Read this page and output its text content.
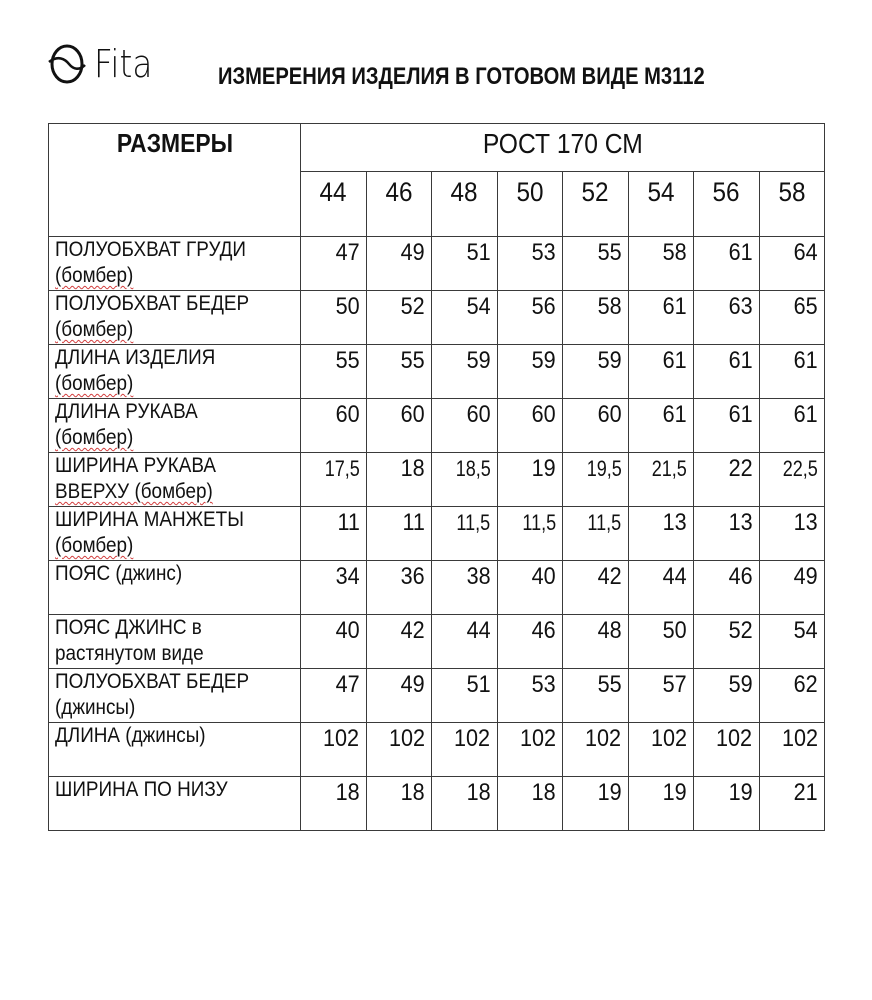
Fita	ИЗМЕРЕНИЯ ИЗДЕЛИЯ В ГОТОВОМ ВИДЕ М3112
РАЗМЕРЫ	РОСТ 170 СМ							
	44	46	48	50	52	54	56	58

ПОЛУОБХВАТ ГРУДИ
(бомбер)	47	49	51	53	55	58	61	64

ПОЛУОБХВАТ БЕДЕР
(бомбер)	50	52	54	56	58	61	63	65

ДЛИНА ИЗДЕЛИЯ
(бомбер)	55	55	59	59	59	61	61	61

ДЛИНА РУКАВА
(бомбер)	60	60	60	60	60	61	61	61

ШИРИНА РУКАВА
ВВЕРХУ (бомбер)	17,5	18	18,5	19	19,5	21,5	22	22,5

ШИРИНА МАНЖЕТЫ
(бомбер)	11	11	11,5	11,5	11,5	13	13	13

ПОЯС (джинс)	34	36	38	40	42	44	46	49

ПОЯС ДЖИНС в
растянутом виде	40	42	44	46	48	50	52	54

ПОЛУОБХВАТ БЕДЕР
(джинсы)	47	49	51	53	55	57	59	62

ДЛИНА (джинсы)	102	102	102	102	102	102	102	102

ШИРИНА ПО НИЗУ	18	18	18	18	19	19	19	21
